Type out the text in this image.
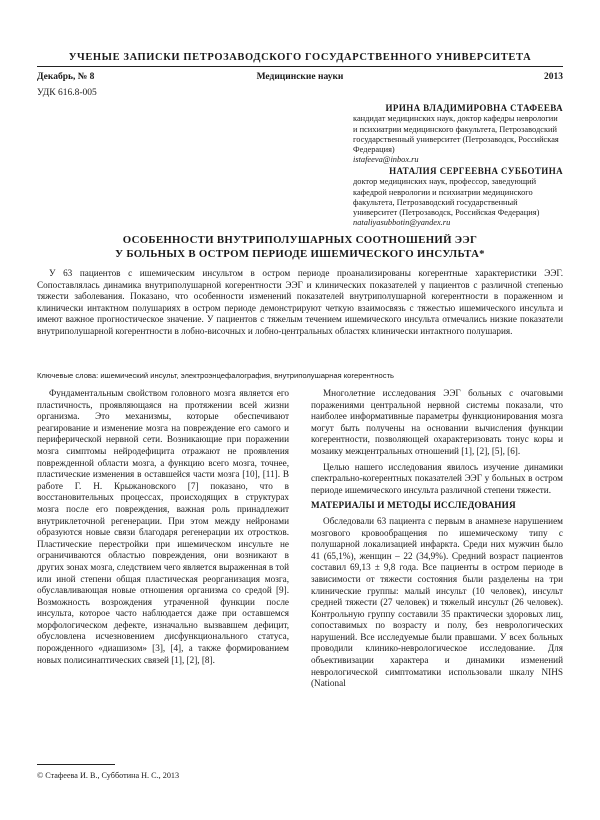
УЧЕНЫЕ ЗАПИСКИ ПЕТРОЗАВОДСКОГО ГОСУДАРСТВЕННОГО УНИВЕРСИТЕТА
Декабрь, № 8	Медицинские науки	2013
УДК 616.8-005
ИРИНА ВЛАДИМИРОВНА СТАФЕЕВА
кандидат медицинских наук, доктор кафедры неврологии и психиатрии медицинского факультета, Петрозаводский государственный университет (Петрозаводск, Российская Федерация)
istafeeva@inbox.ru
НАТАЛИЯ СЕРГЕЕВНА СУББОТИНА
доктор медицинских наук, профессор, заведующий кафедрой неврологии и психиатрии медицинского факультета, Петрозаводский государственный университет (Петрозаводск, Российская Федерация)
nataliyasubbotin@yandex.ru
ОСОБЕННОСТИ ВНУТРИПОЛУШАРНЫХ СООТНОШЕНИЙ ЭЭГ
У БОЛЬНЫХ В ОСТРОМ ПЕРИОДЕ ИШЕМИЧЕСКОГО ИНСУЛЬТА*

У 63 пациентов с ишемическим инсультом в остром периоде проанализированы когерентные характеристики ЭЭГ. Сопоставлялась динамика внутриполушарной когерентности ЭЭГ и клинических показателей у пациентов с различной степенью тяжести заболевания. Показано, что особенности изменений показателей внутриполушарной когерентности в пораженном и клинически интактном полушариях в остром периоде демонстрируют четкую взаимосвязь с тяжестью ишемического инсульта и имеют важное прогностическое значение. У пациентов с тяжелым течением ишемического инсульта отмечались низкие показатели внутриполушарной когерентности в лобно-височных и лобно-центральных областях клинически интактного полушария.

Ключевые слова: ишемический инсульт, электроэнцефалография, внутриполушарная когерентность

Фундаментальным свойством головного мозга является его пластичность, проявляющаяся на протяжении всей жизни организма. Это механизмы, которые обеспечивают реагирование и изменение мозга на повреждение его самого и периферической нервной сети. Возникающие при поражении мозга симптомы нейродефицита отражают не проявления поврежденной области мозга, а функцию всего мозга, точнее, пластические изменения в оставшейся части мозга [10], [11]. В работе Г. Н. Крыжановского [7] показано, что в восстановительных процессах, происходящих в структурах мозга после его повреждения, важная роль принадлежит внутриклеточной регенерации. При этом между нейронами образуются новые связи благодаря регенерации их отростков. Пластические перестройки при ишемическом инсульте не ограничиваются областью повреждения, они возникают в других зонах мозга, следствием чего является выраженная в той или иной степени общая пластическая реорганизация мозга, обуславливающая новые отношения организма со средой [9]. Возможность возрождения утраченной функции после инсульта, которое часто наблюдается даже при оставшемся морфологическом дефекте, изначально вызвавшем дефицит, обусловлена исчезновением дисфункционального статуса, порожденного «диашизом» [3], [4], а также формированием новых полисинаптических связей [1], [2], [8].

Многолетние исследования ЭЭГ больных с очаговыми поражениями центральной нервной системы показали, что наиболее информативные параметры функционирования мозга могут быть получены на основании вычисления функции когерентности, позволяющей охарактеризовать тонус коры и мозаику межцентральных отношений [1], [2], [5], [6].

Целью нашего исследования явилось изучение динамики спектрально-когерентных показателей ЭЭГ у больных в остром периоде ишемического инсульта различной степени тяжести.

МАТЕРИАЛЫ И МЕТОДЫ ИССЛЕДОВАНИЯ

Обследовали 63 пациента с первым в анамнезе нарушением мозгового кровообращения по ишемическому типу с полушарной локализацией инфаркта. Среди них мужчин было 41 (65,1%), женщин – 22 (34,9%). Средний возраст пациентов составил 69,13 ± 9,8 года. Все пациенты в остром периоде в зависимости от тяжести состояния были разделены на три клинические группы: малый инсульт (10 человек), инсульт средней тяжести (27 человек) и тяжелый инсульт (26 человек). Контрольную группу составили 35 практически здоровых лиц, сопоставимых по возрасту и полу, без неврологических нарушений. Все исследуемые были правшами. У всех больных проводили клинико-неврологическое исследование. Для объективизации характера и динамики изменений неврологической симптоматики использовали шкалу NIHS (National

© Стафеева И. В., Субботина Н. С., 2013
